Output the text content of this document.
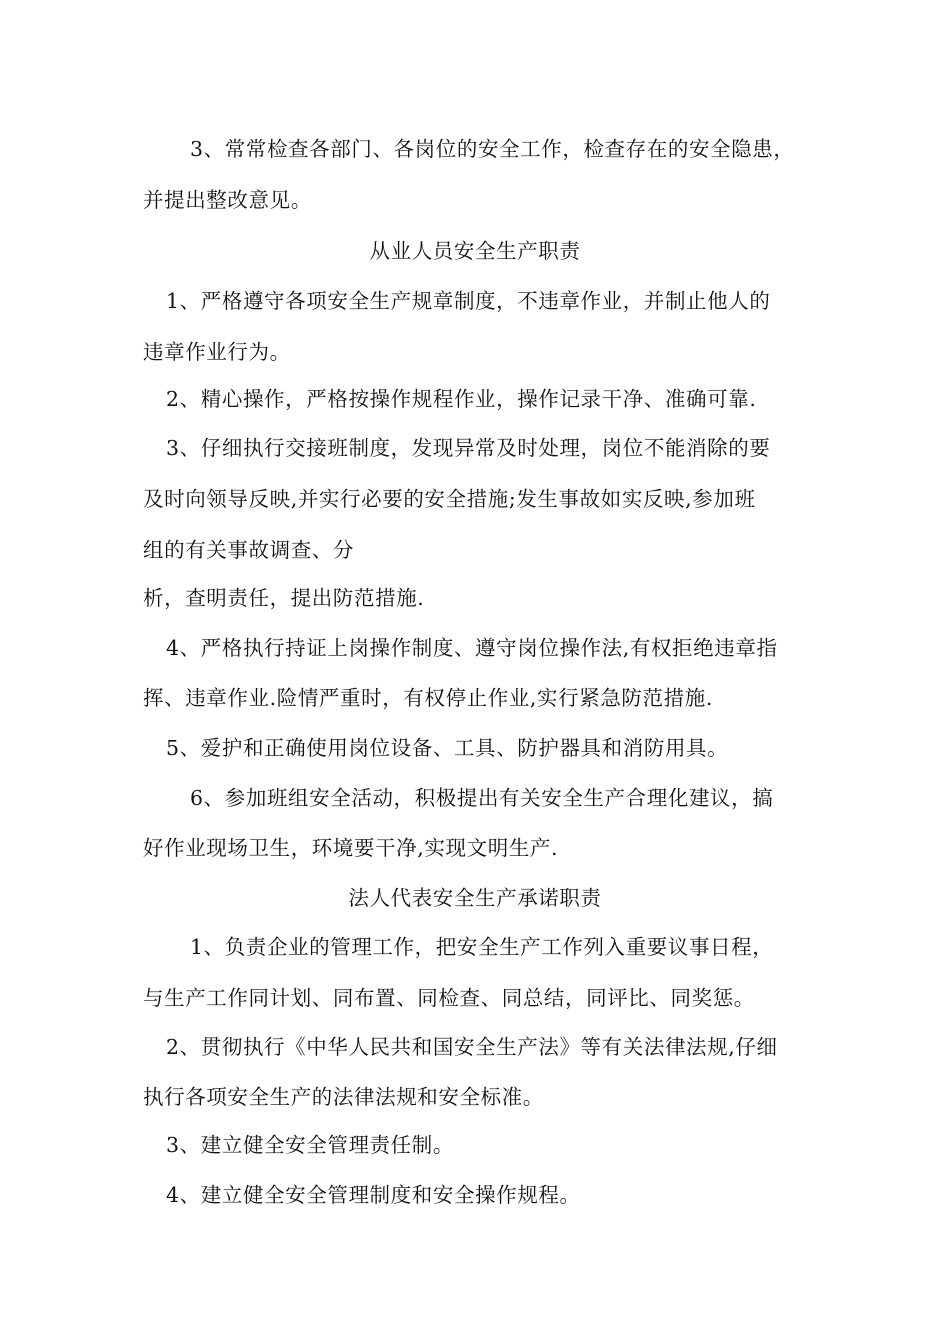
3、常常检查各部门、各岗位的安全工作，检查存在的安全隐患，
并提出整改意见。
从业人员安全生产职责
1、严格遵守各项安全生产规章制度，不违章作业，并制止他人的
违章作业行为。
2、精心操作，严格按操作规程作业，操作记录干净、准确可靠.
3、仔细执行交接班制度，发现异常及时处理，岗位不能消除的要
及时向领导反映,并实行必要的安全措施;发生事故如实反映,参加班
组的有关事故调查、分
析，查明责任，提出防范措施.
4、严格执行持证上岗操作制度、遵守岗位操作法,有权拒绝违章指
挥、违章作业.险情严重时，有权停止作业,实行紧急防范措施.
5、爱护和正确使用岗位设备、工具、防护器具和消防用具。
6、参加班组安全活动，积极提出有关安全生产合理化建议，搞
好作业现场卫生，环境要干净,实现文明生产.
法人代表安全生产承诺职责
1、负责企业的管理工作，把安全生产工作列入重要议事日程，
与生产工作同计划、同布置、同检查、同总结，同评比、同奖惩。
2、贯彻执行《中华人民共和国安全生产法》等有关法律法规,仔细
执行各项安全生产的法律法规和安全标准。
3、建立健全安全管理责任制。
4、建立健全安全管理制度和安全操作规程。
